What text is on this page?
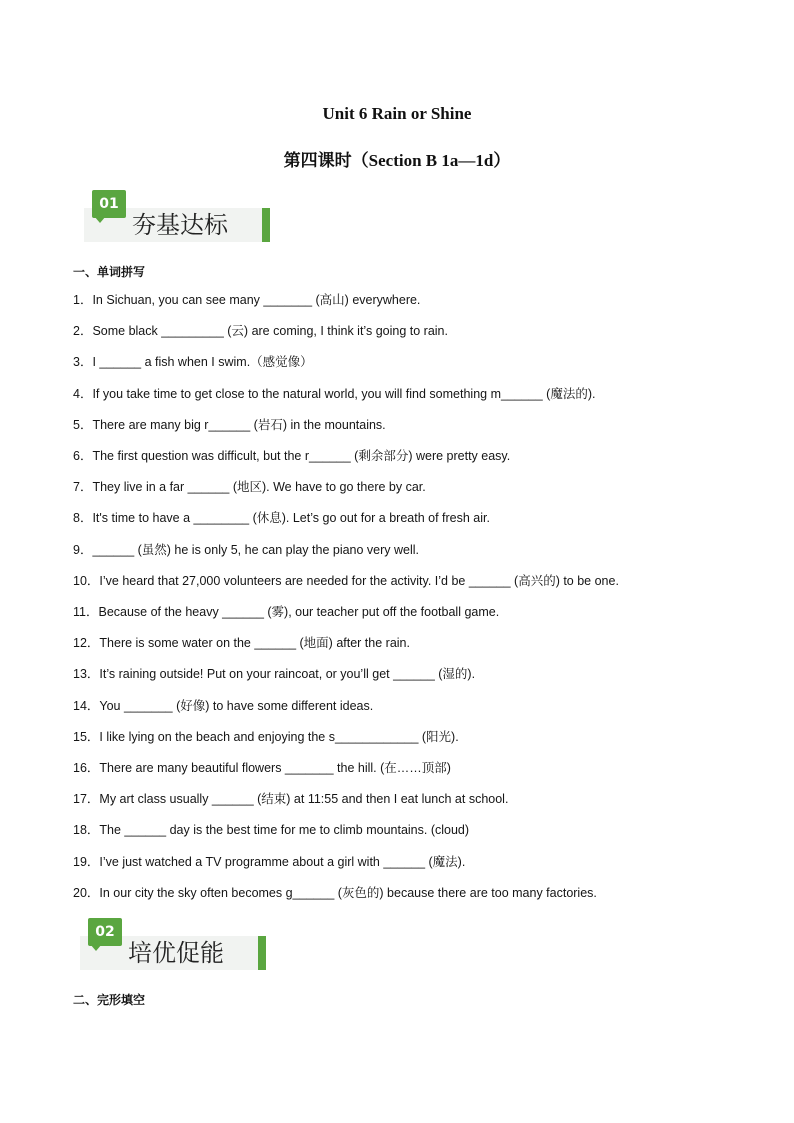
Unit 6 Rain or Shine
第四课时（Section B 1a—1d）
01
夯基达标
一、单词拼写
1．In Sichuan, you can see many _______ (高山) everywhere.
2．Some black _________ (云) are coming, I think it’s going to rain.
3．I ______ a fish when I swim.（感觉像）
4．If you take time to get close to the natural world, you will find something m______ (魔法的).
5．There are many big r______ (岩石) in the mountains.
6．The first question was difficult, but the r______ (剩余部分) were pretty easy.
7．They live in a far ______ (地区). We have to go there by car.
8．It's time to have a ________ (休息). Let’s go out for a breath of fresh air.
9．______ (虽然) he is only 5, he can play the piano very well.
10．I’ve heard that 27,000 volunteers are needed for the activity. I’d be ______ (高兴的) to be one.
11．Because of the heavy ______ (雾), our teacher put off the football game.
12．There is some water on the ______ (地面) after the rain.
13．It’s raining outside! Put on your raincoat, or you’ll get ______ (湿的).
14．You _______ (好像) to have some different ideas.
15．I like lying on the beach and enjoying the s____________ (阳光).
16．There are many beautiful flowers _______ the hill. (在……顶部)
17．My art class usually ______ (结束) at 11:55 and then I eat lunch at school.
18．The ______ day is the best time for me to climb mountains. (cloud)
19．I’ve just watched a TV programme about a girl with ______ (魔法).
20．In our city the sky often becomes g______ (灰色的) because there are too many factories.
02
培优促能
二、完形填空
